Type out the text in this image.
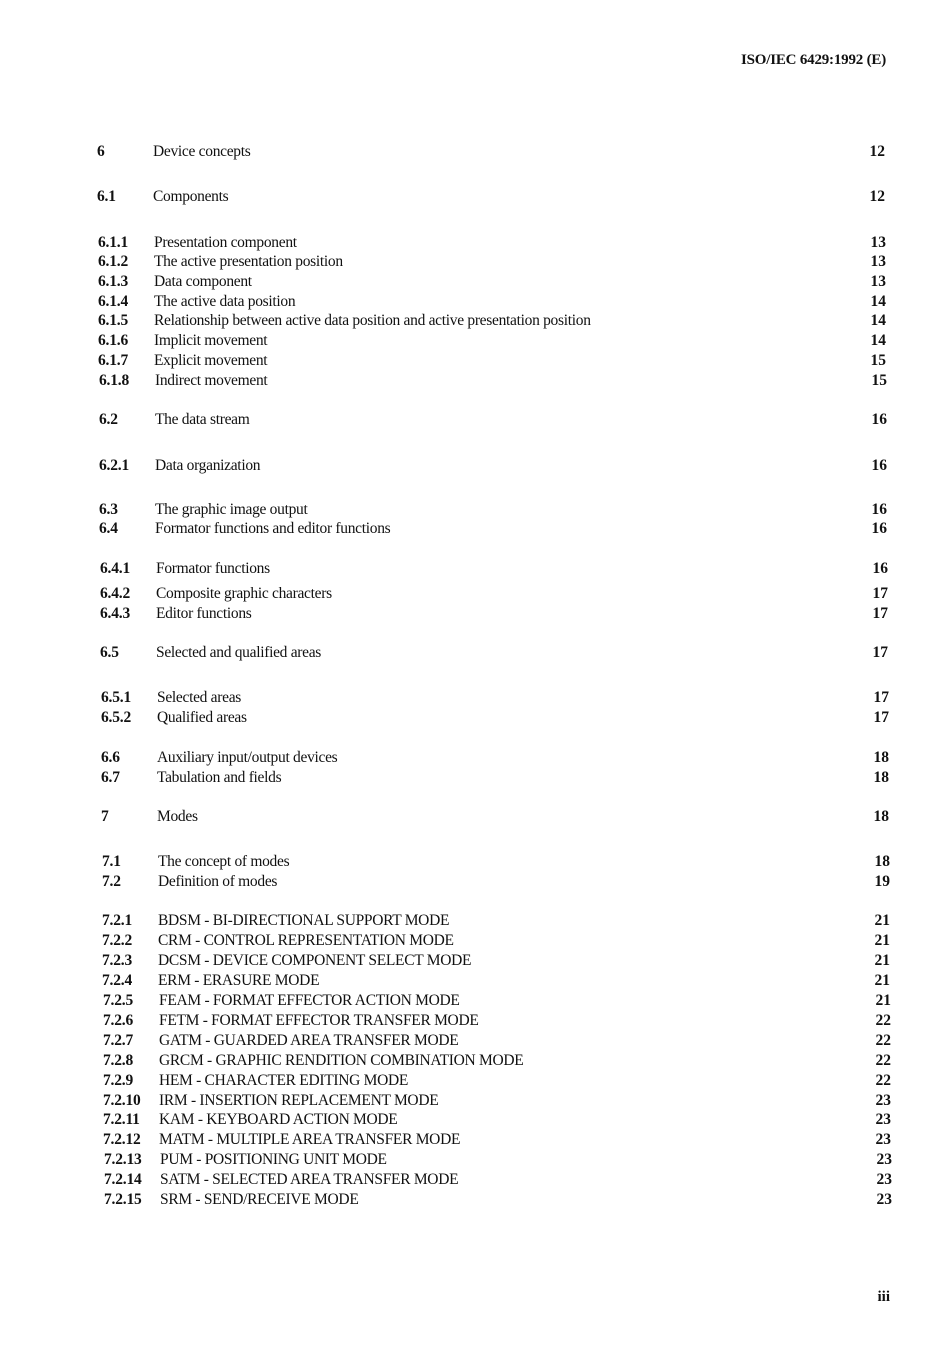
ISO/IEC 6429:1992 (E)
6	Device concepts	12
6.1 Components	12
6.1.1 Presentation component	13
6.1.2 The active presentation position	13
6.1.3 Data component	13
6.1.4 The active data position	14
6.1.5 Relationship between active data position and active presentation position	14
6.1.6 Implicit movement	14
6.1.7 Explicit movement	15
6.1.8 Indirect movement	15
6.2 The data stream	16
6.2.1 Data organization	16
6.3 The graphic image output	16
6.4 Formator functions and editor functions	16
6.4.1 Formator functions	16
6.4.2 Composite graphic characters	17
6.4.3 Editor functions	17
6.5 Selected and qualified areas	17
6.5.1 Selected areas	17
6.5.2 Qualified areas	17
6.6 Auxiliary input/output devices	18
6.7 Tabulation and fields	18
7	Modes	18
7.1 The concept of modes	18
7.2 Definition of modes	19
7.2.1 BDSM - BI-DIRECTIONAL SUPPORT MODE	21
7.2.2 CRM - CONTROL REPRESENTATION MODE	21
7.2.3 DCSM - DEVICE COMPONENT SELECT MODE	21
7.2.4 ERM - ERASURE MODE	21
7.2.5 FEAM - FORMAT EFFECTOR ACTION MODE	21
7.2.6 FETM - FORMAT EFFECTOR TRANSFER MODE	22
7.2.7 GATM - GUARDED AREA TRANSFER MODE	22
7.2.8 GRCM - GRAPHIC RENDITION COMBINATION MODE	22
7.2.9 HEM - CHARACTER EDITING MODE	22
7.2.10 IRM - INSERTION REPLACEMENT MODE	23
7.2.11 KAM - KEYBOARD ACTION MODE	23
7.2.12 MATM - MULTIPLE AREA TRANSFER MODE	23
7.2.13 PUM - POSITIONING UNIT MODE	23
7.2.14 SATM - SELECTED AREA TRANSFER MODE	23
7.2.15 SRM - SEND/RECEIVE MODE	23
iii
